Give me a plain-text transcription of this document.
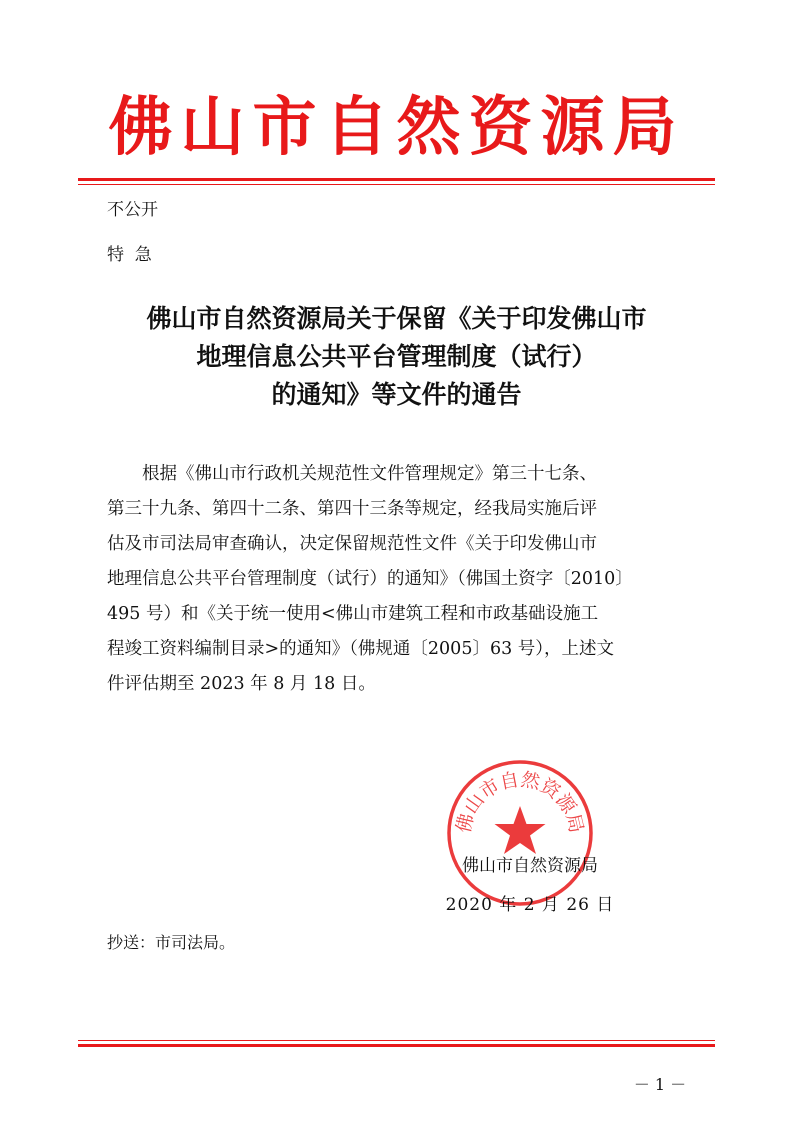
佛山市自然资源局
不公开
特  急
佛山市自然资源局关于保留《关于印发佛山市
地理信息公共平台管理制度（试行）
的通知》等文件的通告
　　根据《佛山市行政机关规范性文件管理规定》第三十七条、
第三十九条、第四十二条、第四十三条等规定，经我局实施后评
估及市司法局审查确认，决定保留规范性文件《关于印发佛山市
地理信息公共平台管理制度（试行）的通知》（佛国土资字〔2010〕
495 号）和《关于统一使用<佛山市建筑工程和市政基础设施工
程竣工资料编制目录>的通知》（佛规通〔2005〕63 号），上述文
件评估期至 2023 年 8 月 18 日。
佛山市自然资源局
佛山市自然资源局
2020 年 2 月 26 日
抄送：市司法局。
－ 1 －
